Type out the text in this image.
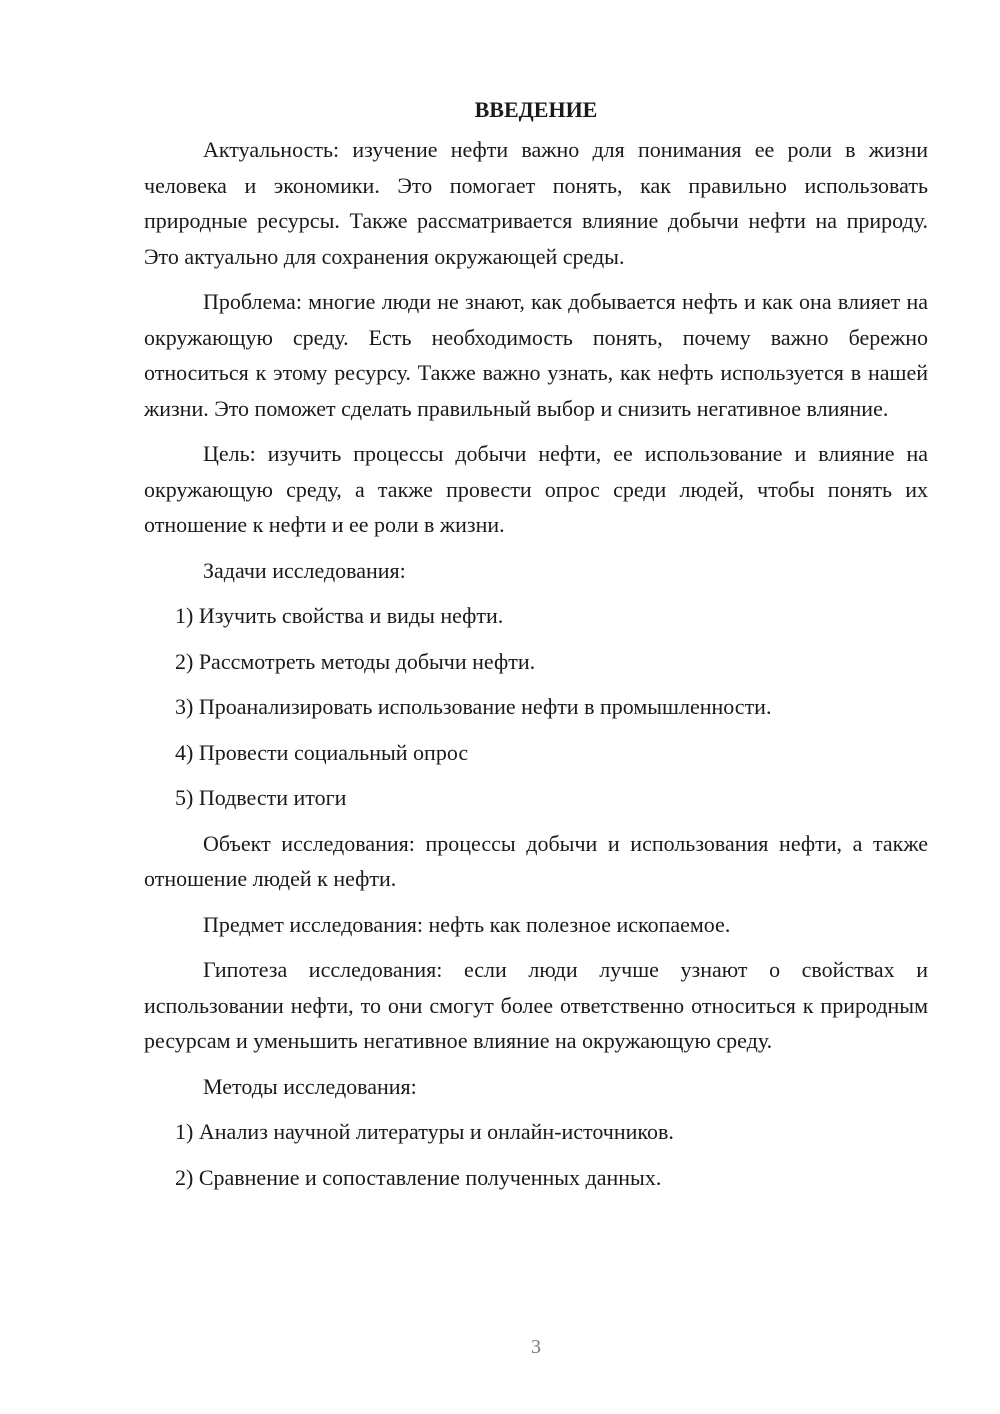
ВВЕДЕНИЕ

Актуальность: изучение нефти важно для понимания ее роли в жизни человека и экономики. Это помогает понять, как правильно использовать природные ресурсы. Также рассматривается влияние добычи нефти на природу. Это актуально для сохранения окружающей среды.

Проблема: многие люди не знают, как добывается нефть и как она влияет на окружающую среду. Есть необходимость понять, почему важно бережно относиться к этому ресурсу. Также важно узнать, как нефть используется в нашей жизни. Это поможет сделать правильный выбор и снизить негативное влияние.

Цель: изучить процессы добычи нефти, ее использование и влияние на окружающую среду, а также провести опрос среди людей, чтобы понять их отношение к нефти и ее роли в жизни.

Задачи исследования:
1) Изучить свойства и виды нефти.
2) Рассмотреть методы добычи нефти.
3) Проанализировать использование нефти в промышленности.
4) Провести социальный опрос
5) Подвести итоги

Объект исследования: процессы добычи и использования нефти, а также отношение людей к нефти.

Предмет исследования: нефть как полезное ископаемое.

Гипотеза исследования: если люди лучше узнают о свойствах и использовании нефти, то они смогут более ответственно относиться к природным ресурсам и уменьшить негативное влияние на окружающую среду.

Методы исследования:
1) Анализ научной литературы и онлайн-источников.
2) Сравнение и сопоставление полученных данных.
3
